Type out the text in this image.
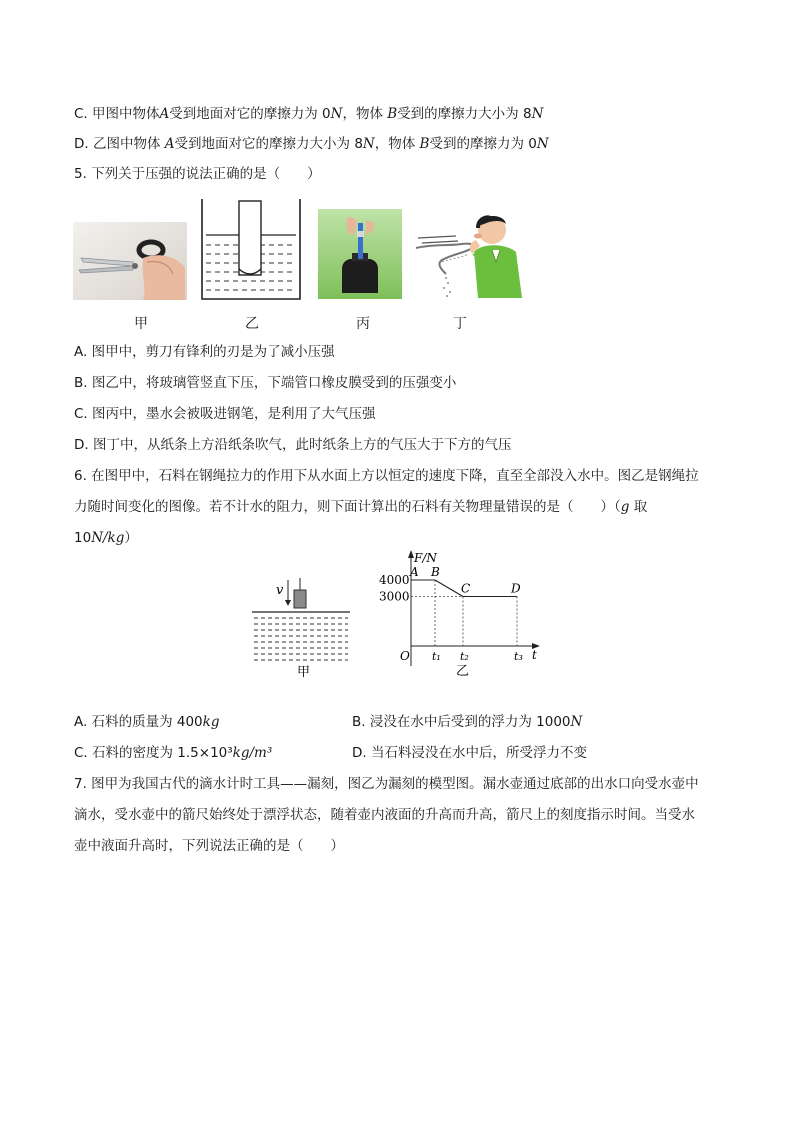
C. 甲图中物体A受到地面对它的摩擦力为 0N，物体 B受到的摩擦力大小为 8N
D. 乙图中物体 A受到地面对它的摩擦力大小为 8N，物体 B受到的摩擦力为 0N
5. 下列关于压强的说法正确的是（　　）
甲	乙	丙	丁
A. 图甲中，剪刀有锋利的刃是为了减小压强
B. 图乙中，将玻璃管竖直下压，下端管口橡皮膜受到的压强变小
C. 图丙中，墨水会被吸进钢笔，是利用了大气压强
D. 图丁中，从纸条上方沿纸条吹气，此时纸条上方的气压大于下方的气压
6. 在图甲中，石料在钢绳拉力的作用下从水面上方以恒定的速度下降，直至全部没入水中。图乙是钢绳拉
力随时间变化的图像。若不计水的阻力，则下面计算出的石料有关物理量错误的是（　　）（g 取
10N/kg）
v
甲
F/N
t
O
4000
3000
t₁ t₂	t₃
A B
C	D
乙
A. 石料的质量为 400kg	B. 浸没在水中后受到的浮力为 1000N
C. 石料的密度为 1.5×10³kg/m³	D. 当石料浸没在水中后，所受浮力不变
7. 图甲为我国古代的滴水计时工具——漏刻，图乙为漏刻的模型图。漏水壶通过底部的出水口向受水壶中
滴水，受水壶中的箭尺始终处于漂浮状态，随着壶内液面的升高而升高，箭尺上的刻度指示时间。当受水
壶中液面升高时，下列说法正确的是（　　）
